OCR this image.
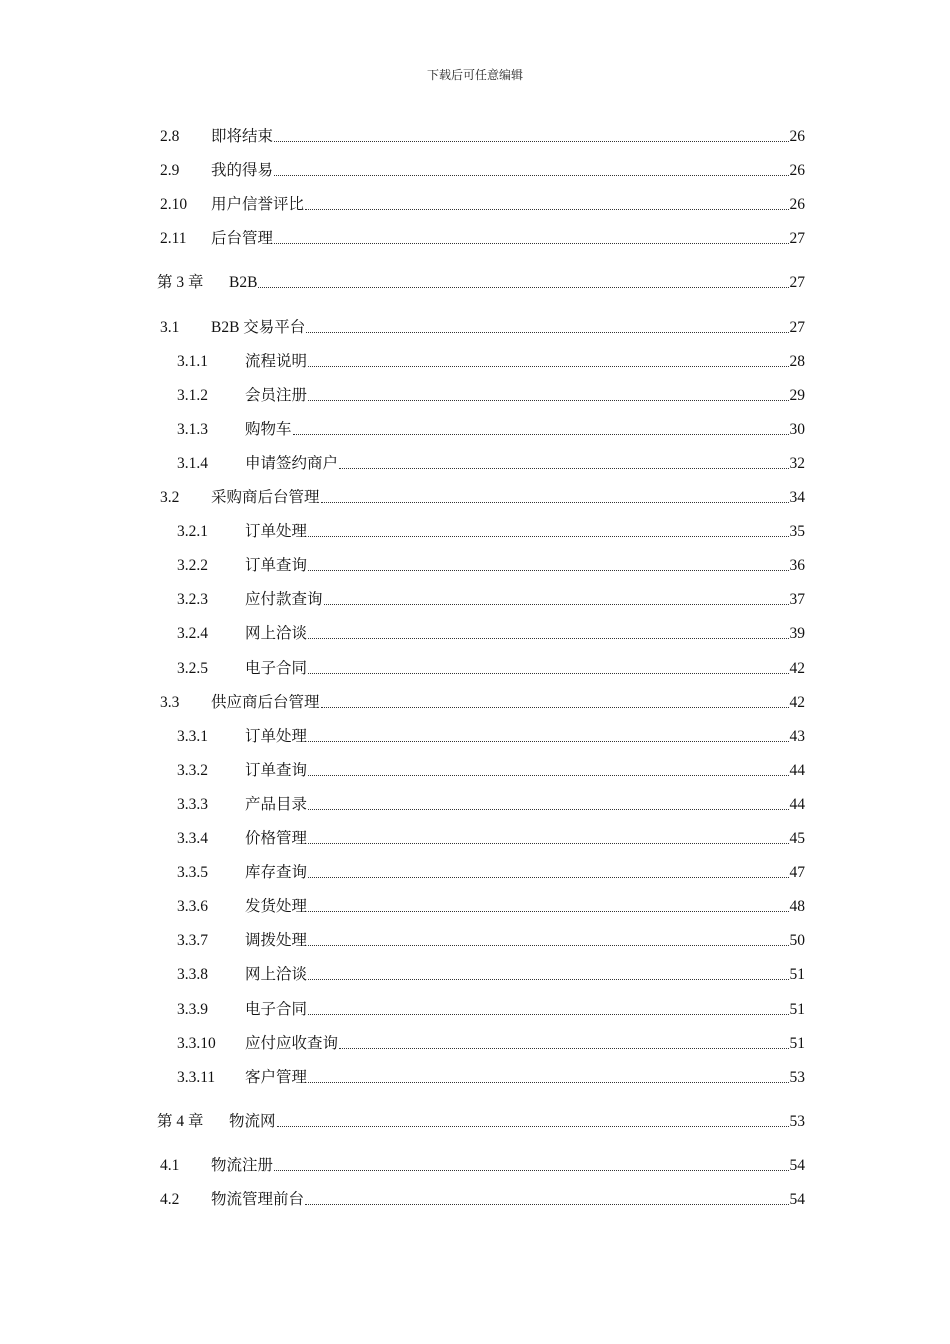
下载后可任意编辑
2.8	即将结束	26
2.9	我的得易	26
2.10	用户信誉评比	26
2.11	后台管理	27
第 3 章	B2B	27
3.1	B2B 交易平台	27
3.1.1	流程说明	28
3.1.2	会员注册	29
3.1.3	购物车	30
3.1.4	申请签约商户	32
3.2	采购商后台管理	34
3.2.1	订单处理	35
3.2.2	订单查询	36
3.2.3	应付款查询	37
3.2.4	网上洽谈	39
3.2.5	电子合同	42
3.3	供应商后台管理	42
3.3.1	订单处理	43
3.3.2	订单查询	44
3.3.3	产品目录	44
3.3.4	价格管理	45
3.3.5	库存查询	47
3.3.6	发货处理	48
3.3.7	调拨处理	50
3.3.8	网上洽谈	51
3.3.9	电子合同	51
3.3.10	应付应收查询	51
3.3.11	客户管理	53
第 4 章	物流网	53
4.1	物流注册	54
4.2	物流管理前台	54
